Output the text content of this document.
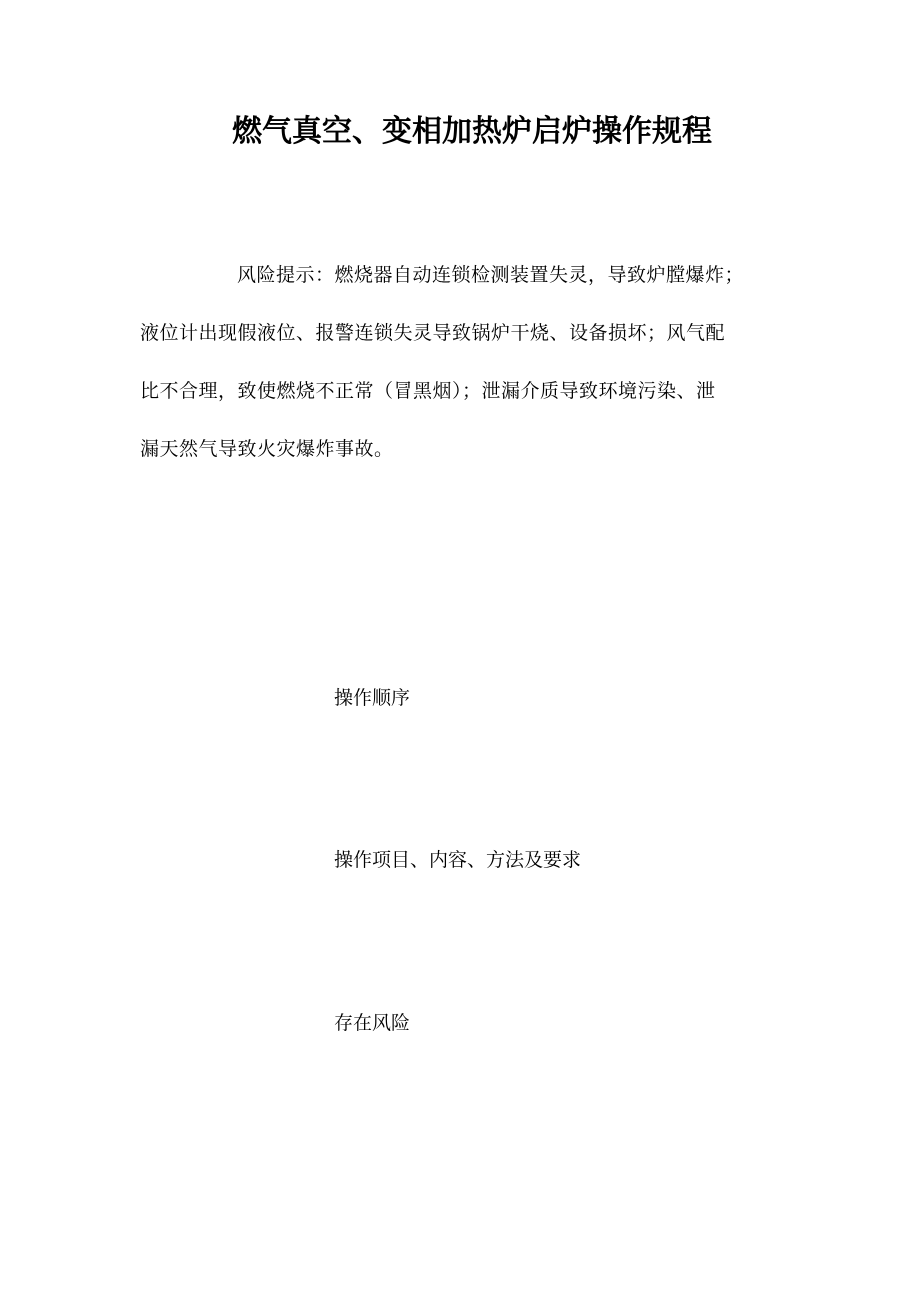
燃气真空、变相加热炉启炉操作规程
风险提示：燃烧器自动连锁检测装置失灵，导致炉膛爆炸；
液位计出现假液位、报警连锁失灵导致锅炉干烧、设备损坏；风气配
比不合理，致使燃烧不正常（冒黑烟）；泄漏介质导致环境污染、泄
漏天然气导致火灾爆炸事故。
操作顺序
操作项目、内容、方法及要求
存在风险
